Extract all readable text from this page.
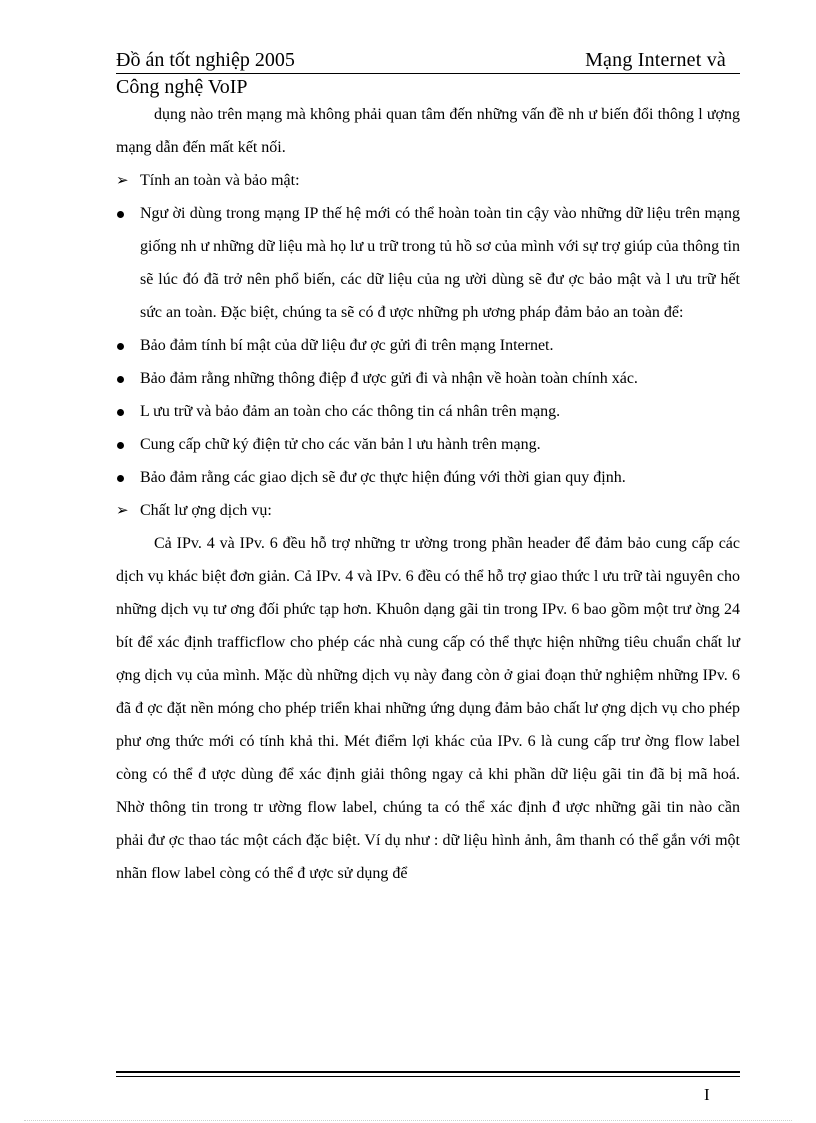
Đồ án tốt nghiệp 2005	Mạng Internet và
Công nghệ VoIP

dụng nào trên mạng mà không phải quan tâm đến những vấn đề nh ư biến đổi thông l ượng mạng dẫn đến mất kết nối.

➢ Tính an toàn và bảo mật:

Ngư ời dùng trong mạng IP thế hệ mới có thể hoàn toàn tin cậy vào những dữ liệu trên mạng giống nh ư những dữ liệu mà họ lư u trữ trong tủ hồ sơ của mình với sự trợ giúp của thông tin sẽ lúc đó đã trở nên phổ biến, các dữ liệu của ng ười dùng sẽ đư ợc bảo mật và l ưu trữ hết sức an toàn. Đặc biệt, chúng ta sẽ có đ ược những ph ương pháp đảm bảo an toàn để:

Bảo đảm tính bí mật của dữ liệu đư ợc gửi đi trên mạng Internet.

Bảo đảm rằng những thông điệp đ ược gửi đi và nhận về hoàn toàn chính xác.

L ưu trữ và bảo đảm an toàn cho các thông tin cá nhân trên mạng.

Cung cấp chữ ký điện tử cho các văn bản l ưu hành trên mạng.

Bảo đảm rằng các giao dịch sẽ đư ợc thực hiện đúng với thời gian quy định.

➢ Chất lư ợng dịch vụ:

Cả IPv. 4 và IPv. 6 đều hỗ trợ những tr ường trong phần header để đảm bảo cung cấp các dịch vụ khác biệt đơn giản. Cả IPv. 4 và IPv. 6 đều có thể hỗ trợ giao thức l ưu trữ tài nguyên cho những dịch vụ tư ơng đối phức tạp hơn. Khuôn dạng gãi tin trong IPv. 6 bao gồm một trư ờng 24 bít để xác định trafficflow cho phép các nhà cung cấp có thể thực hiện những tiêu chuẩn chất lư ợng dịch vụ của mình. Mặc dù những dịch vụ này đang còn ở giai đoạn thử nghiệm những IPv. 6 đã đ ợc đặt nền móng cho phép triển khai những ứng dụng đảm bảo chất lư ợng dịch vụ cho phép phư ơng thức mới có tính khả thi. Mét điểm lợi khác của IPv. 6 là cung cấp trư ờng flow label còng có thể đ ược dùng để xác định giải thông ngay cả khi phần dữ liệu gãi tin đã bị mã hoá. Nhờ thông tin trong tr ường flow label, chúng ta có thể xác định đ ược những gãi tin nào cần phải đư ợc thao tác một cách đặc biệt. Ví dụ như : dữ liệu hình ảnh, âm thanh có thể gắn với một nhãn flow label còng có thể đ ược sử dụng để

I
